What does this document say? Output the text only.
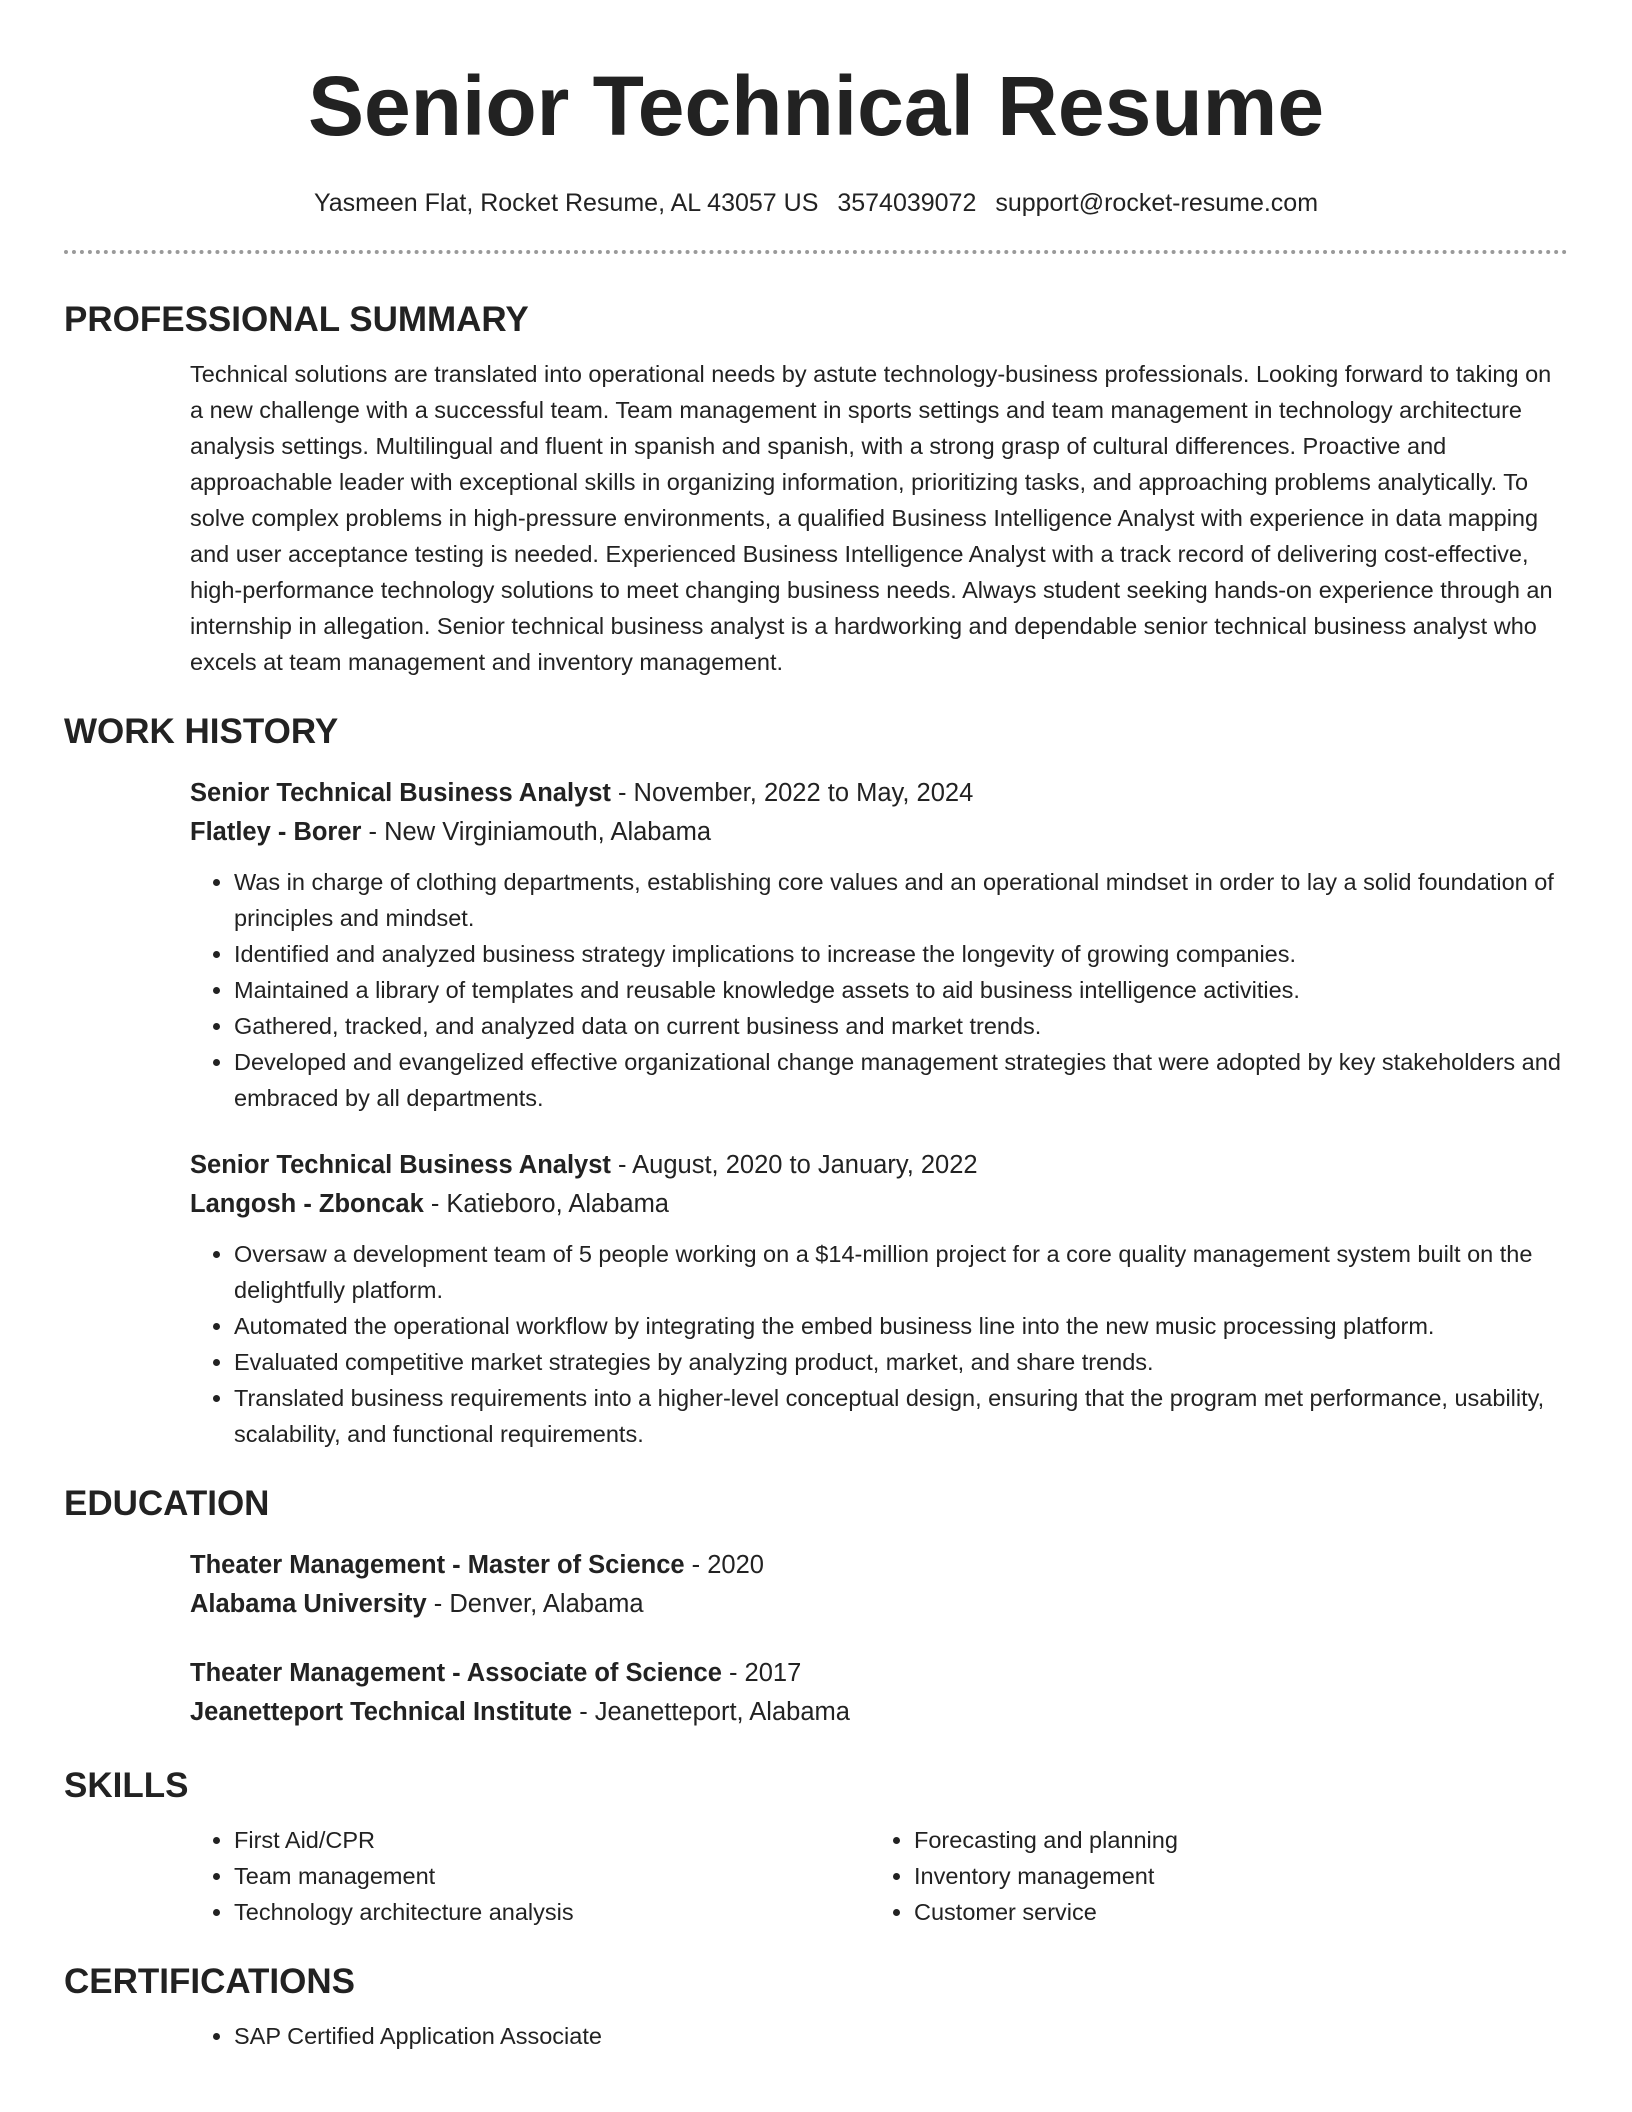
Senior Technical Resume
Yasmeen Flat, Rocket Resume, AL 43057 US 3574039072 support@rocket-resume.com
PROFESSIONAL SUMMARY

Technical solutions are translated into operational needs by astute technology-business professionals. Looking forward to taking on a new challenge with a successful team. Team management in sports settings and team management in technology architecture analysis settings. Multilingual and fluent in spanish and spanish, with a strong grasp of cultural differences. Proactive and approachable leader with exceptional skills in organizing information, prioritizing tasks, and approaching problems analytically. To solve complex problems in high-pressure environments, a qualified Business Intelligence Analyst with experience in data mapping and user acceptance testing is needed. Experienced Business Intelligence Analyst with a track record of delivering cost-effective, high-performance technology solutions to meet changing business needs. Always student seeking hands-on experience through an internship in allegation. Senior technical business analyst is a hardworking and dependable senior technical business analyst who excels at team management and inventory management.

WORK HISTORY
Senior Technical Business Analyst - November, 2022 to May, 2024
Flatley - Borer - New Virginiamouth, Alabama
• Was in charge of clothing departments, establishing core values and an operational mindset in order to lay a solid foundation of principles and mindset.
• Identified and analyzed business strategy implications to increase the longevity of growing companies.
• Maintained a library of templates and reusable knowledge assets to aid business intelligence activities.
• Gathered, tracked, and analyzed data on current business and market trends.
• Developed and evangelized effective organizational change management strategies that were adopted by key stakeholders and embraced by all departments.
Senior Technical Business Analyst - August, 2020 to January, 2022
Langosh - Zboncak - Katieboro, Alabama
• Oversaw a development team of 5 people working on a $14-million project for a core quality management system built on the delightfully platform.
• Automated the operational workflow by integrating the embed business line into the new music processing platform.
• Evaluated competitive market strategies by analyzing product, market, and share trends.
• Translated business requirements into a higher-level conceptual design, ensuring that the program met performance, usability, scalability, and functional requirements.
EDUCATION
Theater Management - Master of Science - 2020
Alabama University - Denver, Alabama
Theater Management - Associate of Science - 2017
Jeanetteport Technical Institute - Jeanetteport, Alabama
SKILLS
• First Aid/CPR
• Team management
• Technology architecture analysis
• Forecasting and planning
• Inventory management
• Customer service
CERTIFICATIONS
• SAP Certified Application Associate
